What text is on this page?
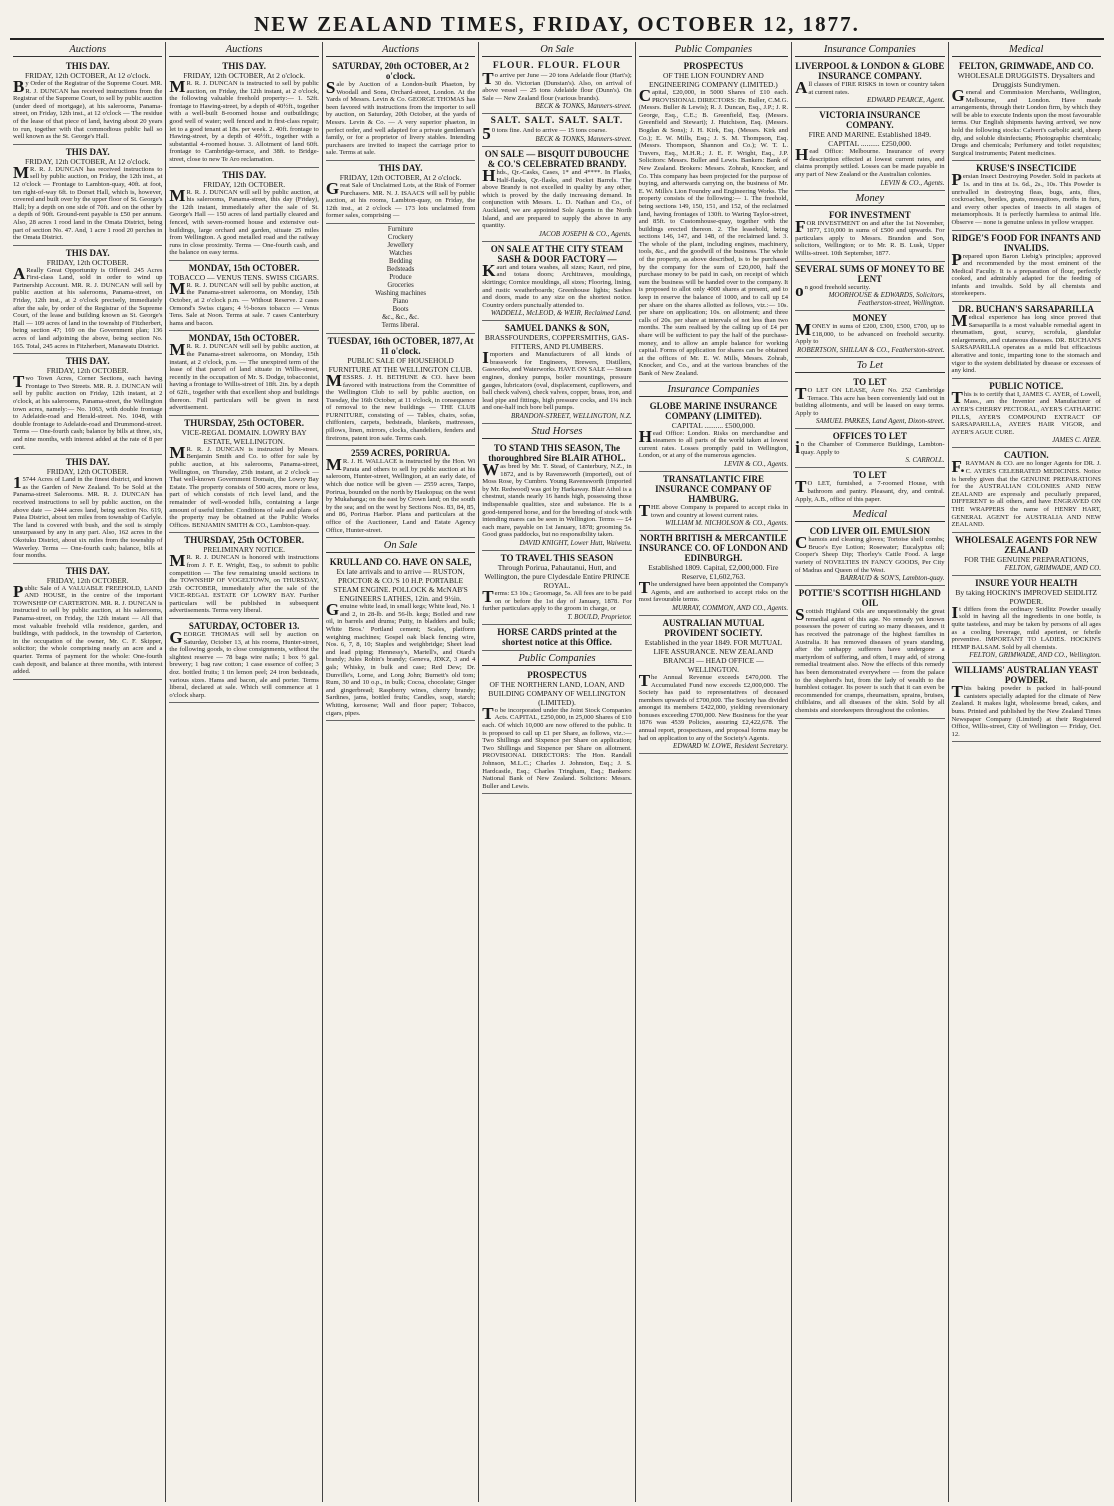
NEW ZEALAND TIMES, FRIDAY, OCTOBER 12, 1877.
Auctions
THIS DAY.
FRIDAY, 12th OCTOBER, At 12 o'clock.
By Order of the Registrar of the Supreme Court. MR. R. J. DUNCAN has received instructions from the Registrar of the Supreme Court, to sell by public auction (under deed of mortgage), at his salerooms, Panama-street, on Friday, 12th inst., at 12 o'clock — The residue of the lease of that piece of land, having about 20 years to run, together with that commodious public hall so well known as the St. George's Hall.
THIS DAY.
FRIDAY, 12th OCTOBER, At 12 o'clock.
MR. R. J. DUNCAN has received instructions to sell by public auction, on Friday, the 12th inst., at 12 o'clock — Frontage to Lambton-quay, 40ft. at foot, ten right-of-way 6ft. to Dorset Hall, which is, however, covered and built over by the upper floor of St. George's Hall; by a depth on one side of 70ft. and on the other by a depth of 90ft. Ground-rent payable is £50 per annum. Also, 28 acres 1 rood land in the Omata District, being part of section No. 47. And, 1 acre 1 rood 20 perches in the Omata District.
THIS DAY.
FRIDAY, 12th OCTOBER.
AReally Great Opportunity is Offered. 245 Acres First-class Land, sold in order to wind up Partnership Account. MR. R. J. DUNCAN will sell by public auction at his salerooms, Panama-street, on Friday, 12th inst., at 2 o'clock precisely, immediately after the sale, by order of the Registrar of the Supreme Court, of the lease and building known as St. George's Hall — 109 acres of land in the township of Fitzherbert, being section 47; 169 on the Government plan; 136 acres of land adjoining the above, being section No. 165. Total, 245 acres in Fitzherbert, Manawatu District.
THIS DAY.
FRIDAY, 12th OCTOBER.
Two Town Acres, Corner Sections, each having Frontage to Two Streets. MR. R. J. DUNCAN will sell by public auction on Friday, 12th instant, at 2 o'clock, at his salerooms, Panama-street, the Wellington town acres, namely:— No. 1063, with double frontage to Adelaide-road and Herald-street. No. 1048, with double frontage to Adelaide-road and Drummond-street. Terms — One-fourth cash; balance by bills at three, six, and nine months, with interest added at the rate of 8 per cent.
THIS DAY.
FRIDAY, 12th OCTOBER.
15744 Acres of Land in the finest district, and known as the Garden of New Zealand. To be Sold at the Panama-street Salerooms. MR. R. J. DUNCAN has received instructions to sell by public auction, on the above date — 2444 acres land, being section No. 619, Patea District, about ten miles from township of Carlyle. The land is covered with bush, and the soil is simply unsurpassed by any in any part. Also, 162 acres in the Okotuku District, about six miles from the township of Waverley. Terms — One-fourth cash; balance, bills at four months.
THIS DAY.
FRIDAY, 12th OCTOBER.
Public Sale of A VALUABLE FREEHOLD, LAND AND HOUSE, in the centre of the important TOWNSHIP OF CARTERTON. MR. R. J. DUNCAN is instructed to sell by public auction, at his salerooms, Panama-street, on Friday, the 12th instant — All that most valuable freehold villa residence, garden, and buildings, with paddock, in the township of Carterton, in the occupation of the owner, Mr. C. F. Skipper, solicitor; the whole comprising nearly an acre and a quarter. Terms of payment for the whole: One-fourth cash deposit, and balance at three months, with interest added.
Auctions
THIS DAY.
FRIDAY, 12th OCTOBER, At 2 o'clock.
MR. R. J. DUNCAN is instructed to sell by public auction, on Friday, the 12th instant, at 2 o'clock, the following valuable freehold property:— 1. 52ft. frontage to Hawing-street, by a depth of 40½ft., together with a well-built 8-roomed house and outbuildings; good well of water; well fenced and in first-class repair; let to a good tenant at 18s. per week. 2. 40ft. frontage to Hawing-street, by a depth of 40½ft., together with a substantial 4-roomed house. 3. Allotment of land 60ft. frontage to Cambridge-terrace, and 38ft. to Bridge-street, close to new Te Aro reclamation.
THIS DAY.
FRIDAY, 12th OCTOBER.
MR. R. J. DUNCAN will sell by public auction, at his salerooms, Panama-street, this day (Friday), the 12th instant, immediately after the sale of St. George's Hall — 150 acres of land partially cleared and fenced, with seven-roomed house and extensive out-buildings, large orchard and garden, situate 25 miles from Wellington. A good metalled road and the railway runs in close proximity. Terms — One-fourth cash, and the balance on easy terms.
MONDAY, 15th OCTOBER.
TOBACCO — VENUS TENS. SWISS CIGARS.
MR. R. J. DUNCAN will sell by public auction, at the Panama-street salerooms, on Monday, 15th October, at 2 o'clock p.m. — Without Reserve. 2 cases Ormond's Swiss cigars; 4 ½-boxes tobacco — Venus Tens. Sale at Noon. Terms at sale. 7 cases Canterbury hams and bacon.
MONDAY, 15th OCTOBER.
MR. R. J. DUNCAN will sell by public auction, at the Panama-street salerooms, on Monday, 15th instant, at 2 o'clock, p.m. — The unexpired term of the lease of that parcel of land situate in Willis-street, recently in the occupation of Mr. S. Dodge, tobacconist, having a frontage to Willis-street of 18ft. 2in. by a depth of 62ft., together with that excellent shop and buildings thereon. Full particulars will be given in next advertisement.
THURSDAY, 25th OCTOBER.
VICE-REGAL DOMAIN. LOWRY BAY ESTATE, WELLINGTON.
MR. R. J. DUNCAN is instructed by Messrs. Benjamin Smith and Co. to offer for sale by public auction, at his salerooms, Panama-street, Wellington, on Thursday, 25th instant, at 2 o'clock — That well-known Government Domain, the Lowry Bay Estate. The property consists of 500 acres, more or less, part of which consists of rich level land, and the remainder of well-wooded hills, containing a large amount of useful timber. Conditions of sale and plans of the property may be obtained at the Public Works Offices. BENJAMIN SMITH & CO., Lambton-quay.
THURSDAY, 25th OCTOBER.
PRELIMINARY NOTICE.
MR. R. J. DUNCAN is honored with instructions from J. F. E. Wright, Esq., to submit to public competition — The few remaining unsold sections in the TOWNSHIP OF VOGELTOWN, on THURSDAY, 25th OCTOBER, immediately after the sale of the VICE-REGAL ESTATE OF LOWRY BAY. Further particulars will be published in subsequent advertisements. Terms very liberal.
SATURDAY, OCTOBER 13.
GEORGE THOMAS will sell by auction on Saturday, October 13, at his rooms, Hunter-street, the following goods, to close consignments, without the slightest reserve — 78 bags wire nails; 1 box ½ gal. brewery; 1 bag raw cotton; 1 case essence of coffee; 3 doz. bottled fruits; 1 tin lemon peel; 24 iron bedsteads, various sizes. Hams and bacon, ale and porter. Terms liberal, declared at sale. Which will commence at 1 o'clock sharp.
Auctions
SATURDAY, 20th OCTOBER, At 2 o'clock.
Sale by Auction of a London-built Phaeton, by Woodall and Sons, Orchard-street, London. At the Yards of Messrs. Levin & Co. GEORGE THOMAS has been favored with instructions from the importer to sell by auction, on Saturday, 20th October, at the yards of Messrs. Levin & Co. — A very superior phaeton, in perfect order, and well adapted for a private gentleman's family, or for a proprietor of livery stables. Intending purchasers are invited to inspect the carriage prior to sale. Terms at sale.
THIS DAY.
FRIDAY, 12th OCTOBER, At 2 o'clock.
Great Sale of Unclaimed Lots, at the Risk of Former Purchasers. MR. N. J. ISAACS will sell by public auction, at his rooms, Lambton-quay, on Friday, the 12th inst., at 2 o'clock — 173 lots unclaimed from former sales, comprising —
Furniture
Crockery
Jewellery
Watches
Bedding
Bedsteads
Produce
Groceries
Washing machines
Piano
Boots
&c., &c., &c.
Terms liberal.
TUESDAY, 16th OCTOBER, 1877, At 11 o'clock.
PUBLIC SALE OF HOUSEHOLD FURNITURE AT THE WELLINGTON CLUB.
MESSRS. J. H. BETHUNE & CO. have been favored with instructions from the Committee of the Wellington Club to sell by public auction, on Tuesday, the 16th October, at 11 o'clock, in consequence of removal to the new buildings — THE CLUB FURNITURE, consisting of — Tables, chairs, sofas, chiffoniers, carpets, bedsteads, blankets, mattresses, pillows, linen, mirrors, clocks, chandeliers, fenders and fireirons, patent iron safe. Terms cash.
2559 ACRES, PORIRUA.
MR. J. H. WALLACE is instructed by the Hon. Wi Parata and others to sell by public auction at his saleroom, Hunter-street, Wellington, at an early date, of which due notice will be given — 2559 acres, Tanpo, Porirua, bounded on the north by Haukopua; on the west by Mukahanga; on the east by Crown land; on the south by the sea; and on the west by Sections Nos. 83, 84, 85, and 86, Porirua Harbor. Plans and particulars at the office of the Auctioneer, Land and Estate Agency Office, Hunter-street.
On Sale
KRULL AND CO. HAVE ON SALE,
Ex late arrivals and to arrive — RUSTON, PROCTOR & CO.'S 10 H.P. PORTABLE STEAM ENGINE. POLLOCK & McNAB'S ENGINEERS LATHES, 12in. and 9½in.
Genuine white lead, in small kegs; White lead, No. 1 and 2, in 28-lb. and 56-lb. kegs; Boiled and raw oil, in barrels and drums; Putty, in bladders and bulk; White Bros.' Portland cement; Scales, platform weighing machines; Gospel oak black fencing wire, Nos. 6, 7, 8, 10; Staples and weighbridge; Sheet lead and lead piping; Hennessy's, Martell's, and Otard's brandy; Jules Robin's brandy; Geneva, JDKZ, 3 and 4 gals; Whisky, in bulk and case; Red Dew; Dr. Dunville's, Lorne, and Long John; Burnett's old tom; Rum, 30 and 10 o.p., in bulk; Cocoa, chocolate; Ginger and gingerbread; Raspberry wines, cherry brandy; Sardines, jams, bottled fruits; Candles, soap, starch; Whiting, kerosene; Wall and floor paper; Tobacco, cigars, pipes.
On Sale
FLOUR. FLOUR. FLOUR
To arrive per June — 20 tons Adelaide flour (Hart's); 30 do. Victorian (Dunstan's). Also, on arrival of above vessel — 25 tons Adelaide flour (Dunn's). On Sale — New Zealand flour (various brands).
BECK & TONKS, Manners-street.
SALT. SALT. SALT. SALT.
50 tons fine. And to arrive — 15 tons coarse.
BECK & TONKS, Manners-street.
ON SALE — BISQUIT DUBOUCHE & CO.'S CELEBRATED BRANDY.
Hhds., Qr.-Casks, Cases, 1* and 4****. In Flasks, Half-flasks, Qr.-flasks, and Pocket Barrels. The above Brandy is not excelled in quality by any other, which is proved by the daily increasing demand. In conjunction with Messrs. L. D. Nathan and Co., of Auckland, we are appointed Sole Agents in the North Island, and are prepared to supply the above in any quantity.
JACOB JOSEPH & CO., Agents.
ON SALE AT THE CITY STEAM SASH & DOOR FACTORY —
Kauri and totara washes, all sizes; Kauri, red pine, and totara doors; Architraves, mouldings, skirtings; Cornice mouldings, all sizes; Flooring, lining, and rustic weatherboards; Greenhouse lights; Sashes and doors, made to any size on the shortest notice. Country orders punctually attended to.
WADDELL, McLEOD, & WEIR, Reclaimed Land.
SAMUEL DANKS & SON,
BRASSFOUNDERS, COPPERSMITHS, GAS-FITTERS, AND PLUMBERS.
Importers and Manufacturers of all kinds of brasswork for Engineers, Brewers, Distillers, Gasworks, and Waterworks. HAVE ON SALE — Steam engines, donkey pumps, boiler mountings, pressure gauges, lubricators (oval, displacement, cupflowers, and ball check valves), check valves, copper, brass, iron, and lead pipe and fittings, high pressure cocks, and 1¼ inch and one-half inch bore bell pumps.
BRANDON-STREET, WELLINGTON, N.Z.
Stud Horses
TO STAND THIS SEASON, The thoroughbred Sire BLAIR ATHOL.
Was bred by Mr. T. Stead, of Canterbury, N.Z., in 1872, and is by Ravensworth (imported), out of Moss Rose, by Cumbro. Young Ravensworth (imported by Mr. Redwood) was got by Harkaway. Blair Athol is a chestnut, stands nearly 16 hands high, possessing those indispensable qualities, size and substance. He is a good-tempered horse, and for the breeding of stock with intending mares can be seen in Wellington. Terms — £4 each mare, payable on 1st January, 1878; grooming 5s. Good grass paddocks, but no responsibility taken.
DAVID KNIGHT, Lower Hutt, Waiwetu.
TO TRAVEL THIS SEASON
Through Porirua, Pahautanui, Hutt, and Wellington, the pure Clydesdale Entire PRINCE ROYAL.
Terms: £3 10s.; Groomage, 5s. All fees are to be paid on or before the 1st day of January, 1878. For further particulars apply to the groom in charge, or
T. BOULD, Proprietor.
HORSE CARDS printed at the shortest notice at this Office.
Public Companies
PROSPECTUS
OF THE NORTHERN LAND, LOAN, AND BUILDING COMPANY OF WELLINGTON (LIMITED).
To be incorporated under the Joint Stock Companies Acts. CAPITAL, £250,000, in 25,000 Shares of £10 each. Of which 10,000 are now offered to the public. It is proposed to call up £1 per Share, as follows, viz.:— Two Shillings and Sixpence per Share on application; Two Shillings and Sixpence per Share on allotment. PROVISIONAL DIRECTORS: The Hon. Randall Johnson, M.L.C.; Charles J. Johnston, Esq.; J. S. Hardcastle, Esq.; Charles Tringham, Esq.; Bankers: National Bank of New Zealand. Solicitors: Messrs. Buller and Lewis.
Public Companies
PROSPECTUS
OF THE LION FOUNDRY AND ENGINEERING COMPANY (LIMITED.)
Capital, £20,000, in 5000 Shares of £10 each. PROVISIONAL DIRECTORS: Dr. Buller, C.M.G. (Messrs. Buller & Lewis); R. J. Duncan, Esq., J.P.; J. R. George, Esq., C.E.; B. Greenfield, Esq. (Messrs. Greenfield and Stewart); J. Hutchison, Esq. (Messrs. Bogdan & Sons); J. H. Kirk, Esq. (Messrs. Kirk and Co.); E. W. Mills, Esq.; J. S. M. Thompson, Esq. (Messrs. Thompson, Shannon and Co.); W. T. L. Travers, Esq., M.H.R.; J. E. F. Wright, Esq., J.P. Solicitors: Messrs. Buller and Lewis. Bankers: Bank of New Zealand. Brokers: Messrs. Zohrab, Knocker, and Co. This company has been projected for the purpose of buying, and afterwards carrying on, the business of Mr. E. W. Mills's Lion Foundry and Engineering Works. The property consists of the following:— 1. The freehold, being sections 149, 150, 151, and 152, of the reclaimed land, having frontages of 130ft. to Waring Taylor-street, and 85ft. to Customhouse-quay, together with the buildings erected thereon. 2. The leasehold, being sections 146, 147, and 148, of the reclaimed land. 3. The whole of the plant, including engines, machinery, tools, &c., and the goodwill of the business. The whole of the property, as above described, is to be purchased by the company for the sum of £20,000, half the purchase money to be paid in cash, on receipt of which sum the business will be handed over to the company. It is proposed to allot only 4000 shares at present, and to keep in reserve the balance of 1000, and to call up £4 per share on the shares allotted as follows, viz.:— 10s. per share on application; 10s. on allotment; and three calls of 20s. per share at intervals of not less than two months. The sum realised by the calling up of £4 per share will be sufficient to pay the half of the purchase-money, and to allow an ample balance for working capital. Forms of application for shares can be obtained at the offices of Mr. E. W. Mills, Messrs. Zohrab, Knocker, and Co., and at the various branches of the Bank of New Zealand.
Insurance Companies
GLOBE MARINE INSURANCE COMPANY (LIMITED).
CAPITAL .......... £500,000.
Head Office: London. Risks on merchandise and steamers to all parts of the world taken at lowest current rates. Losses promptly paid in Wellington, London, or at any of the numerous agencies.
LEVIN & CO., Agents.
TRANSATLANTIC FIRE INSURANCE COMPANY OF HAMBURG.
THE above Company is prepared to accept risks in town and country at lowest current rates.
WILLIAM M. NICHOLSON & CO., Agents.
NORTH BRITISH & MERCANTILE INSURANCE CO. OF LONDON AND EDINBURGH.
Established 1809. Capital, £2,000,000. Fire Reserve, £1,602,763.
The undersigned have been appointed the Company's Agents, and are authorised to accept risks on the most favourable terms.
MURRAY, COMMON, AND CO., Agents.
AUSTRALIAN MUTUAL PROVIDENT SOCIETY.
Established in the year 1849. FOR MUTUAL LIFE ASSURANCE. NEW ZEALAND BRANCH — HEAD OFFICE — WELLINGTON.
The Annual Revenue exceeds £470,000. The Accumulated Fund now exceeds £2,000,000. The Society has paid to representatives of deceased members upwards of £700,000. The Society has divided amongst its members £422,000, yielding reversionary bonuses exceeding £700,000. New Business for the year 1876 was 4539 Policies, assuring £2,422,678. The annual report, prospectuses, and proposal forms may be had on application to any of the Society's Agents.
EDWARD W. LOWE, Resident Secretary.
Insurance Companies
LIVERPOOL & LONDON & GLOBE INSURANCE COMPANY.
All classes of FIRE RISKS in town or country taken at current rates.
EDWARD PEARCE, Agent.
VICTORIA INSURANCE COMPANY.
FIRE AND MARINE. Established 1849. CAPITAL .......... £250,000.
Head Office: Melbourne. Insurance of every description effected at lowest current rates, and claims promptly settled. Losses can be made payable in any part of New Zealand or the Australian colonies.
LEVIN & CO., Agents.
Money
FOR INVESTMENT
FOR INVESTMENT on and after the 1st November, 1877, £10,000 in sums of £500 and upwards. For particulars apply to Messrs. Brandon and Son, solicitors, Wellington; or to Mr. R. B. Lusk, Upper Willis-street. 10th September, 1877.
SEVERAL SUMS OF MONEY TO BE LENT
on good freehold security.
MOORHOUSE & EDWARDS, Solicitors, Featherston-street, Wellington.
MONEY
MONEY in sums of £200, £300, £500, £700, up to £18,000, to be advanced on freehold security. Apply to
ROBERTSON, SHILLAN & CO., Featherston-street.
To Let
TO LET
TO LET ON LEASE, Acre No. 252 Cambridge Terrace. This acre has been conveniently laid out in building allotments, and will be leased on easy terms. Apply to
SAMUEL PARKES, Land Agent, Dixon-street.
OFFICES TO LET
in the Chamber of Commerce Buildings, Lambton-quay. Apply to
S. CARROLL.
TO LET
TO LET, furnished, a 7-roomed House, with bathroom and pantry. Pleasant, dry, and central. Apply, A.B., office of this paper.
Medical
COD LIVER OIL EMULSION
Chamois and cleaning gloves; Tortoise shell combs; Bruce's Eye Lotion; Rosewater; Eucalyptus oil; Cooper's Sheep Dip; Thorley's Cattle Food. A large variety of NOVELTIES IN FANCY GOODS, Per City of Madras and Queen of the West.
BARRAUD & SON'S, Lambton-quay.
POTTIE'S SCOTTISH HIGHLAND OIL
Scottish Highland Oils are unquestionably the great remedial agent of this age. No remedy yet known possesses the power of curing so many diseases, and it has received the patronage of the highest families in Australia. It has removed diseases of years standing, after the unhappy sufferers have undergone a martyrdom of suffering, and often, I may add, of strong remedial treatment also. Now the effects of this remedy has been demonstrated everywhere — from the palace to the shepherd's hut, from the lady of wealth to the humblest cottager. Its power is such that it can even be recommended for cramps, rheumatism, sprains, bruises, chilblains, and all diseases of the skin. Sold by all chemists and storekeepers throughout the colonies.
Medical
FELTON, GRIMWADE, AND CO.
WHOLESALE DRUGGISTS. Drysalters and Druggists Sundrymen.
General and Commission Merchants, Wellington, Melbourne, and London. Have made arrangements, through their London firm, by which they will be able to execute Indents upon the most favourable terms. Our English shipments having arrived, we now hold the following stocks: Calvert's carbolic acid, sheep dip, and soluble disinfectants; Photographic chemicals; Drugs and chemicals; Perfumery and toilet requisites; Surgical instruments; Patent medicines.
KRUSE'S INSECTICIDE
Persian Insect Destroying Powder. Sold in packets at 1s. and in tins at 1s. 6d., 2s., 10s. This Powder is unrivalled in destroying fleas, bugs, ants, flies, cockroaches, beetles, gnats, mosquitoes, moths in furs, and every other species of insects in all stages of metamorphosis. It is perfectly harmless to animal life. Observe — none is genuine unless in yellow wrapper.
RIDGE'S FOOD FOR INFANTS AND INVALIDS.
Prepared upon Baron Liebig's principles; approved and recommended by the most eminent of the Medical Faculty. It is a preparation of flour, perfectly cooked, and admirably adapted for the feeding of infants and invalids. Sold by all chemists and storekeepers.
DR. BUCHAN'S SARSAPARILLA
Medical experience has long since proved that Sarsaparilla is a most valuable remedial agent in rheumatism, gout, scurvy, scrofula, glandular enlargements, and cutaneous diseases. DR. BUCHAN'S SARSAPARILLA operates as a mild but efficacious alterative and tonic, imparting tone to the stomach and vigor to the system debilitated by disease or excesses of any kind.
PUBLIC NOTICE.
This is to certify that I, JAMES C. AYER, of Lowell, Mass., am the Inventor and Manufacturer of AYER'S CHERRY PECTORAL, AYER'S CATHARTIC PILLS, AYER'S COMPOUND EXTRACT OF SARSAPARILLA, AYER'S HAIR VIGOR, and AYER'S AGUE CURE.
JAMES C. AYER.
CAUTION.
F.RAYMAN & CO. are no longer Agents for DR. J. C. AYER'S CELEBRATED MEDICINES. Notice is hereby given that the GENUINE PREPARATIONS for the AUSTRALIAN COLONIES AND NEW ZEALAND are expressly and peculiarly prepared, DIFFERENT to all others, and have ENGRAVED ON THE WRAPPERS the name of HENRY HART, GENERAL AGENT for AUSTRALIA AND NEW ZEALAND.
WHOLESALE AGENTS FOR NEW ZEALAND
FOR THE GENUINE PREPARATIONS,
FELTON, GRIMWADE, AND CO.
INSURE YOUR HEALTH
By taking HOCKIN'S IMPROVED SEIDLITZ POWDER.
It differs from the ordinary Seidlitz Powder usually sold in having all the ingredients in one bottle, is quite tasteless, and may be taken by persons of all ages as a cooling beverage, mild aperient, or febrile preventive. IMPORTANT TO LADIES. HOCKIN'S HEMP BALSAM. Sold by all chemists.
FELTON, GRIMWADE, AND CO., Wellington.
WILLIAMS' AUSTRALIAN YEAST POWDER.
This baking powder is packed in half-pound canisters specially adapted for the climate of New Zealand. It makes light, wholesome bread, cakes, and buns. Printed and published by the New Zealand Times Newspaper Company (Limited) at their Registered Office, Willis-street, City of Wellington — Friday, Oct. 12.
